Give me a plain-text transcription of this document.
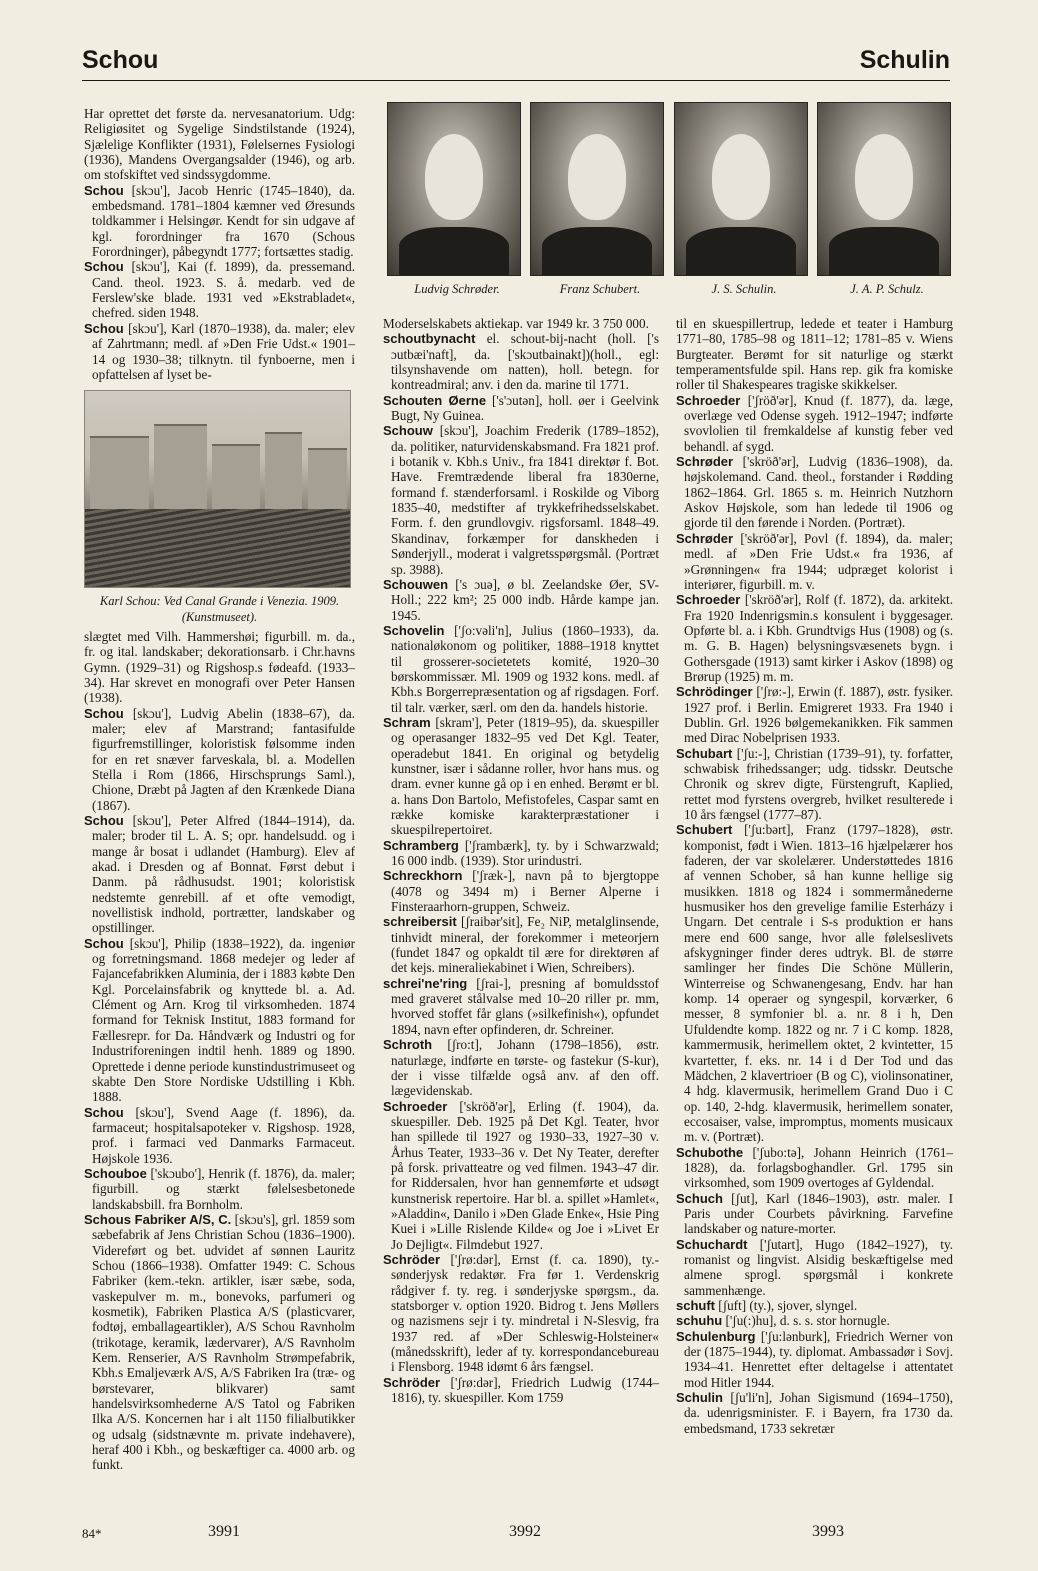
Schou	Schulin
Ludvig Schrøder.	Franz Schubert.	J. S. Schulin.	J. A. P. Schulz.

Har oprettet det første da. nervesanatorium. Udg: Religiøsitet og Sygelige Sindstilstande (1924), Sjælelige Konflikter (1931), Følelsernes Fysiologi (1936), Mandens Overgangsalder (1946), og arb. om stofskiftet ved sindssygdomme.

Schou [skɔu'], Jacob Henric (1745–1840), da. embedsmand. 1781–1804 kæmner ved Øresunds toldkammer i Helsingør. Kendt for sin udgave af kgl. forordninger fra 1670 (Schous Forordninger), påbegyndt 1777; fortsættes stadig.

Schou [skɔu'], Kai (f. 1899), da. pressemand. Cand. theol. 1923. S. å. medarb. ved de Ferslew'ske blade. 1931 ved »Ekstrabladet«, chefred. siden 1948.

Schou [skɔu'], Karl (1870–1938), da. maler; elev af Zahrtmann; medl. af »Den Frie Udst.« 1901–14 og 1930–38; tilknytn. til fynboerne, men i opfattelsen af lyset be-

Karl Schou: Ved Canal Grande i Venezia. 1909. (Kunstmuseet).

slægtet med Vilh. Hammershøi; figurbill. m. da., fr. og ital. landskaber; dekorationsarb. i Chr.havns Gymn. (1929–31) og Rigshosp.s fødeafd. (1933–34). Har skrevet en monografi over Peter Hansen (1938).

Schou [skɔu'], Ludvig Abelin (1838–67), da. maler; elev af Marstrand; fantasifulde figurfremstillinger, koloristisk følsomme inden for en ret snæver farveskala, bl. a. Modellen Stella i Rom (1866, Hirschsprungs Saml.), Chione, Dræbt på Jagten af den Krænkede Diana (1867).

Schou [skɔu'], Peter Alfred (1844–1914), da. maler; broder til L. A. S; opr. handelsudd. og i mange år bosat i udlandet (Hamburg). Elev af akad. i Dresden og af Bonnat. Først debut i Danm. på rådhusudst. 1901; koloristisk nedstemte genrebill. af et ofte vemodigt, novellistisk indhold, portrætter, landskaber og opstillinger.

Schou [skɔu'], Philip (1838–1922), da. ingeniør og forretningsmand. 1868 medejer og leder af Fajancefabrikken Aluminia, der i 1883 købte Den Kgl. Porcelainsfabrik og knyttede bl. a. Ad. Clément og Arn. Krog til virksomheden. 1874 formand for Teknisk Institut, 1883 formand for Fællesrepr. for Da. Håndværk og Industri og for Industriforeningen indtil henh. 1889 og 1890. Oprettede i denne periode kunstindustrimuseet og skabte Den Store Nordiske Udstilling i Kbh. 1888.

Schou [skɔu'], Svend Aage (f. 1896), da. farmaceut; hospitalsapoteker v. Rigshosp. 1928, prof. i farmaci ved Danmarks Farmaceut. Højskole 1936.

Schouboe ['skɔubo'], Henrik (f. 1876), da. maler; figurbill. og stærkt følelsesbetonede landskabsbill. fra Bornholm.

Schous Fabriker A/S, C. [skɔu's], grl. 1859 som sæbefabrik af Jens Christian Schou (1836–1900). Videreført og bet. udvidet af sønnen Lauritz Schou (1866–1938). Omfatter 1949: C. Schous Fabriker (kem.-tekn. artikler, især sæbe, soda, vaskepulver m. m., bonevoks, parfumeri og kosmetik), Fabriken Plastica A/S (plasticvarer, fodtøj, emballageartikler), A/S Schou Ravnholm (trikotage, keramik, lædervarer), A/S Ravnholm Kem. Renserier, A/S Ravnholm Strømpefabrik, Kbh.s Emaljeværk A/S, A/S Fabriken Ira (træ- og børstevarer, blikvarer) samt handelsvirksomhederne A/S Tatol og Fabriken Ilka A/S. Koncernen har i alt 1150 filialbutikker og udsalg (sidstnævnte m. private indehavere), heraf 400 i Kbh., og beskæftiger ca. 4000 arb. og funkt.

Moderselskabets aktiekap. var 1949 kr. 3 750 000.

schoutbynacht el. schout-bij-nacht (holl. ['s ɔutbæi'naft], da. ['skɔutbainakt])(holl., egl: tilsynshavende om natten), holl. betegn. for kontreadmiral; anv. i den da. marine til 1771.

Schouten Øerne ['s'ɔutən], holl. øer i Geelvink Bugt, Ny Guinea.

Schouw [skɔu'], Joachim Frederik (1789–1852), da. politiker, naturvidenskabsmand. Fra 1821 prof. i botanik v. Kbh.s Univ., fra 1841 direktør f. Bot. Have. Fremtrædende liberal fra 1830erne, formand f. stænderforsaml. i Roskilde og Viborg 1835–40, medstifter af trykkefrihedsselskabet. Form. f. den grundlovgiv. rigsforsaml. 1848–49. Skandinav, forkæmper for danskheden i Sønderjyll., moderat i valgretsspørgsmål. (Portræt sp. 3988).

Schouwen ['s ɔuə], ø bl. Zeelandske Øer, SV-Holl.; 222 km²; 25 000 indb. Hårde kampe jan. 1945.

Schovelin ['ʃo:vəli'n], Julius (1860–1933), da. nationaløkonom og politiker, 1888–1918 knyttet til grosserer-societetets komité, 1920–30 børskommissær. Ml. 1909 og 1932 kons. medl. af Kbh.s Borgerrepræsentation og af rigsdagen. Forf. til talr. værker, særl. om den da. handels historie.

Schram [skram'], Peter (1819–95), da. skuespiller og operasanger 1832–95 ved Det Kgl. Teater, operadebut 1841. En original og betydelig kunstner, især i sådanne roller, hvor hans mus. og dram. evner kunne gå op i en enhed. Berømt er bl. a. hans Don Bartolo, Mefistofeles, Caspar samt en række komiske karakterpræstationer i skuespilrepertoiret.

Schramberg ['ʃrambærk], ty. by i Schwarzwald; 16 000 indb. (1939). Stor urindustri.

Schreckhorn ['ʃræk-], navn på to bjergtoppe (4078 og 3494 m) i Berner Alperne i Finsteraarhorn-gruppen, Schweiz.

schreibersit [ʃraibər'sit], Fe₂ NiP, metalglinsende, tinhvidt mineral, der forekommer i meteorjern (fundet 1847 og opkaldt til ære for direktøren af det kejs. mineraliekabinet i Wien, Schreibers).

schrei'ne'ring [ʃrai-], presning af bomuldsstof med graveret stålvalse med 10–20 riller pr. mm, hvorved stoffet får glans (»silkefinish«), opfundet 1894, navn efter opfinderen, dr. Schreiner.

Schroth [ʃro:t], Johann (1798–1856), østr. naturlæge, indførte en tørste- og fastekur (S-kur), der i visse tilfælde også anv. af den off. lægevidenskab.

Schroeder ['skröð'ər], Erling (f. 1904), da. skuespiller. Deb. 1925 på Det Kgl. Teater, hvor han spillede til 1927 og 1930–33, 1927–30 v. Århus Teater, 1933–36 v. Det Ny Teater, derefter på forsk. privatteatre og ved filmen. 1943–47 dir. for Riddersalen, hvor han gennemførte et udsøgt kunstnerisk repertoire. Har bl. a. spillet »Hamlet«, »Aladdin«, Danilo i »Den Glade Enke«, Hsie Ping Kuei i »Lille Rislende Kilde« og Joe i »Livet Er Jo Dejligt«. Filmdebut 1927.

Schröder ['ʃrø:dər], Ernst (f. ca. 1890), ty.-sønderjysk redaktør. Fra før 1. Verdenskrig rådgiver f. ty. reg. i sønderjyske spørgsm., da. statsborger v. option 1920. Bidrog t. Jens Møllers og nazismens sejr i ty. mindretal i N-Slesvig, fra 1937 red. af »Der Schleswig-Holsteiner« (månedsskrift), leder af ty. korrespondancebureau i Flensborg. 1948 idømt 6 års fængsel.

Schröder ['ʃrø:dər], Friedrich Ludwig (1744–1816), ty. skuespiller. Kom 1759

til en skuespillertrup, ledede et teater i Hamburg 1771–80, 1785–98 og 1811–12; 1781–85 v. Wiens Burgteater. Berømt for sit naturlige og stærkt temperamentsfulde spil. Hans rep. gik fra komiske roller til Shakespeares tragiske skikkelser.

Schroeder ['ʃröð'ər], Knud (f. 1877), da. læge, overlæge ved Odense sygeh. 1912–1947; indførte svovlolien til fremkaldelse af kunstig feber ved behandl. af sygd.

Schrøder ['skröð'ər], Ludvig (1836–1908), da. højskolemand. Cand. theol., forstander i Rødding 1862–1864. Grl. 1865 s. m. Heinrich Nutzhorn Askov Højskole, som han ledede til 1906 og gjorde til den førende i Norden. (Portræt).

Schrøder ['skröð'ər], Povl (f. 1894), da. maler; medl. af »Den Frie Udst.« fra 1936, af »Grønningen« fra 1944; udpræget kolorist i interiører, figurbill. m. v.

Schroeder ['skröð'ər], Rolf (f. 1872), da. arkitekt. Fra 1920 Indenrigsmin.s konsulent i byggesager. Opførte bl. a. i Kbh. Grundtvigs Hus (1908) og (s. m. G. B. Hagen) belysningsvæsenets bygn. i Gothersgade (1913) samt kirker i Askov (1898) og Brørup (1925) m. m.

Schrödinger ['ʃrø:-], Erwin (f. 1887), østr. fysiker. 1927 prof. i Berlin. Emigreret 1933. Fra 1940 i Dublin. Grl. 1926 bølgemekanikken. Fik sammen med Dirac Nobelprisen 1933.

Schubart ['ʃu:-], Christian (1739–91), ty. forfatter, schwabisk frihedssanger; udg. tidsskr. Deutsche Chronik og skrev digte, Fürstengruft, Kaplied, rettet mod fyrstens overgreb, hvilket resulterede i 10 års fængsel (1777–87).

Schubert ['ʃu:bərt], Franz (1797–1828), østr. komponist, født i Wien. 1813–16 hjælpelærer hos faderen, der var skolelærer. Understøttedes 1816 af vennen Schober, så han kunne hellige sig musikken. 1818 og 1824 i sommermånederne husmusiker hos den grevelige familie Esterházy i Ungarn. Det centrale i S-s produktion er hans mere end 600 sange, hvor alle følelseslivets afskygninger finder deres udtryk. Bl. de større samlinger her findes Die Schöne Müllerin, Winterreise og Schwanengesang, Endv. har han komp. 14 operaer og syngespil, korværker, 6 messer, 8 symfonier bl. a. nr. 8 i h, Den Ufuldendte komp. 1822 og nr. 7 i C komp. 1828, kammermusik, herimellem oktet, 2 kvintetter, 15 kvartetter, f. eks. nr. 14 i d Der Tod und das Mädchen, 2 klavertrioer (B og C), violinsonatiner, 4 hdg. klavermusik, herimellem Grand Duo i C op. 140, 2-hdg. klavermusik, herimellem sonater, eccosaiser, valse, impromptus, moments musicaux m. v. (Portræt).

Schubothe ['ʃubo:tə], Johann Heinrich (1761–1828), da. forlagsboghandler. Grl. 1795 sin virksomhed, som 1909 overtoges af Gyldendal.

Schuch [ʃut], Karl (1846–1903), østr. maler. I Paris under Courbets påvirkning. Farvefine landskaber og nature-morter.

Schuchardt ['ʃutart], Hugo (1842–1927), ty. romanist og lingvist. Alsidig beskæftigelse med almene sprogl. spørgsmål i konkrete sammenhænge.

schuft [ʃuft] (ty.), sjover, slyngel.

schuhu ['ʃu(:)hu], d. s. s. stor hornugle.

Schulenburg ['ʃu:lənburk], Friedrich Werner von der (1875–1944), ty. diplomat. Ambassadør i Sovj. 1934–41. Henrettet efter deltagelse i attentatet mod Hitler 1944.

Schulin [ʃu'li'n], Johan Sigismund (1694–1750), da. udenrigsminister. F. i Bayern, fra 1730 da. embedsmand, 1733 sekretær

84*	3991	3992	3993
